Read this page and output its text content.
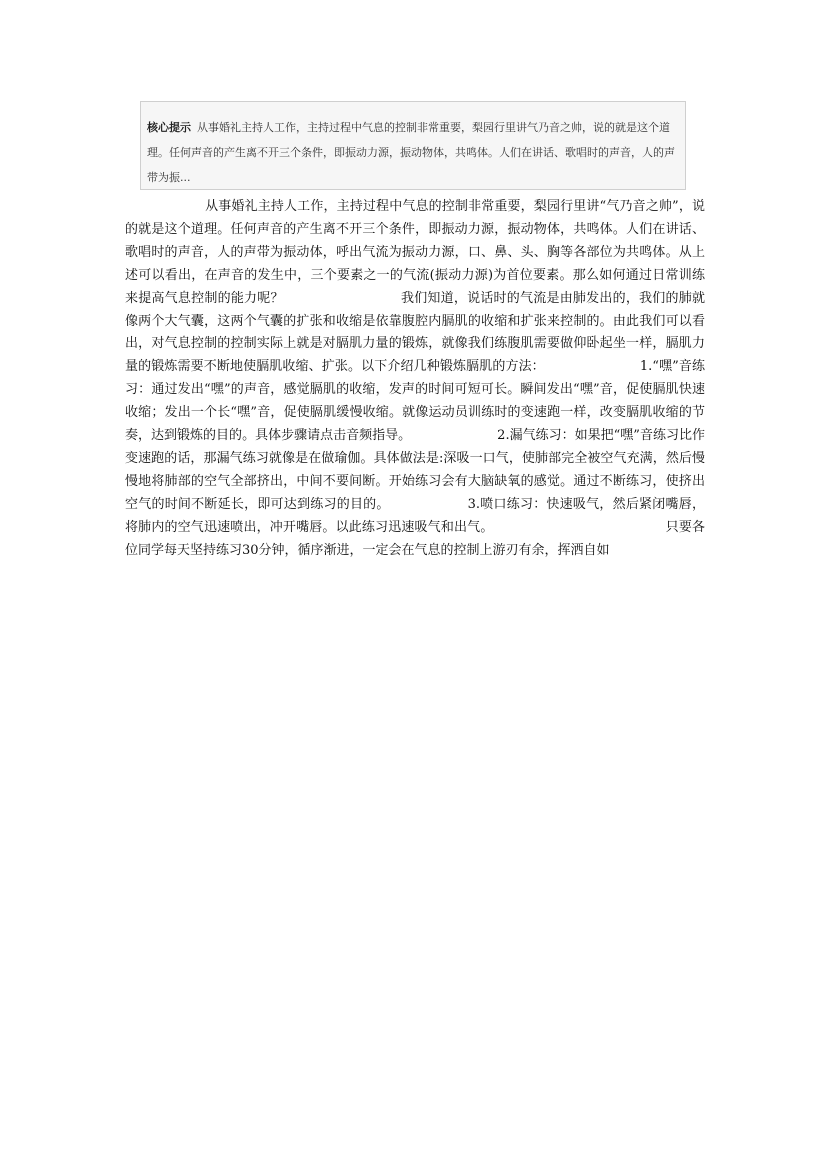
核心提示 从事婚礼主持人工作，主持过程中气息的控制非常重要，梨园行里讲气乃音之帅，说的就是这个道理。任何声音的产生离不开三个条件，即振动力源，振动物体，共鸣体。人们在讲话、歌唱时的声音，人的声带为振...

从事婚礼主持人工作，主持过程中气息的控制非常重要，梨园行里讲“气乃音之帅”，说的就是这个道理。任何声音的产生离不开三个条件，即振动力源，振动物体，共鸣体。人们在讲话、歌唱时的声音，人的声带为振动体，呼出气流为振动力源，口、鼻、头、胸等各部位为共鸣体。从上述可以看出，在声音的发生中，三个要素之一的气流(振动力源)为首位要素。那么如何通过日常训练来提高气息控制的能力呢？	我们知道，说话时的气流是由肺发出的，我们的肺就像两个大气囊，这两个气囊的扩张和收缩是依靠腹腔内膈肌的收缩和扩张来控制的。由此我们可以看出，对气息控制的控制实际上就是对膈肌力量的锻炼，就像我们练腹肌需要做仰卧起坐一样，膈肌力量的锻炼需要不断地使膈肌收缩、扩张。以下介绍几种锻炼膈肌的方法：	1.“嘿”音练习：通过发出“嘿”的声音，感觉膈肌的收缩，发声的时间可短可长。瞬间发出“嘿”音，促使膈肌快速收缩；发出一个长“嘿”音，促使膈肌缓慢收缩。就像运动员训练时的变速跑一样，改变膈肌收缩的节奏，达到锻炼的目的。具体步骤请点击音频指导。	2.漏气练习：如果把“嘿”音练习比作变速跑的话，那漏气练习就像是在做瑜伽。具体做法是:深吸一口气，使肺部完全被空气充满，然后慢慢地将肺部的空气全部挤出，中间不要间断。开始练习会有大脑缺氧的感觉。通过不断练习，使挤出空气的时间不断延长，即可达到练习的目的。	3.喷口练习：快速吸气，然后紧闭嘴唇，将肺内的空气迅速喷出，冲开嘴唇。以此练习迅速吸气和出气。	只要各位同学每天坚持练习30分钟，循序渐进，一定会在气息的控制上游刃有余，挥洒自如
